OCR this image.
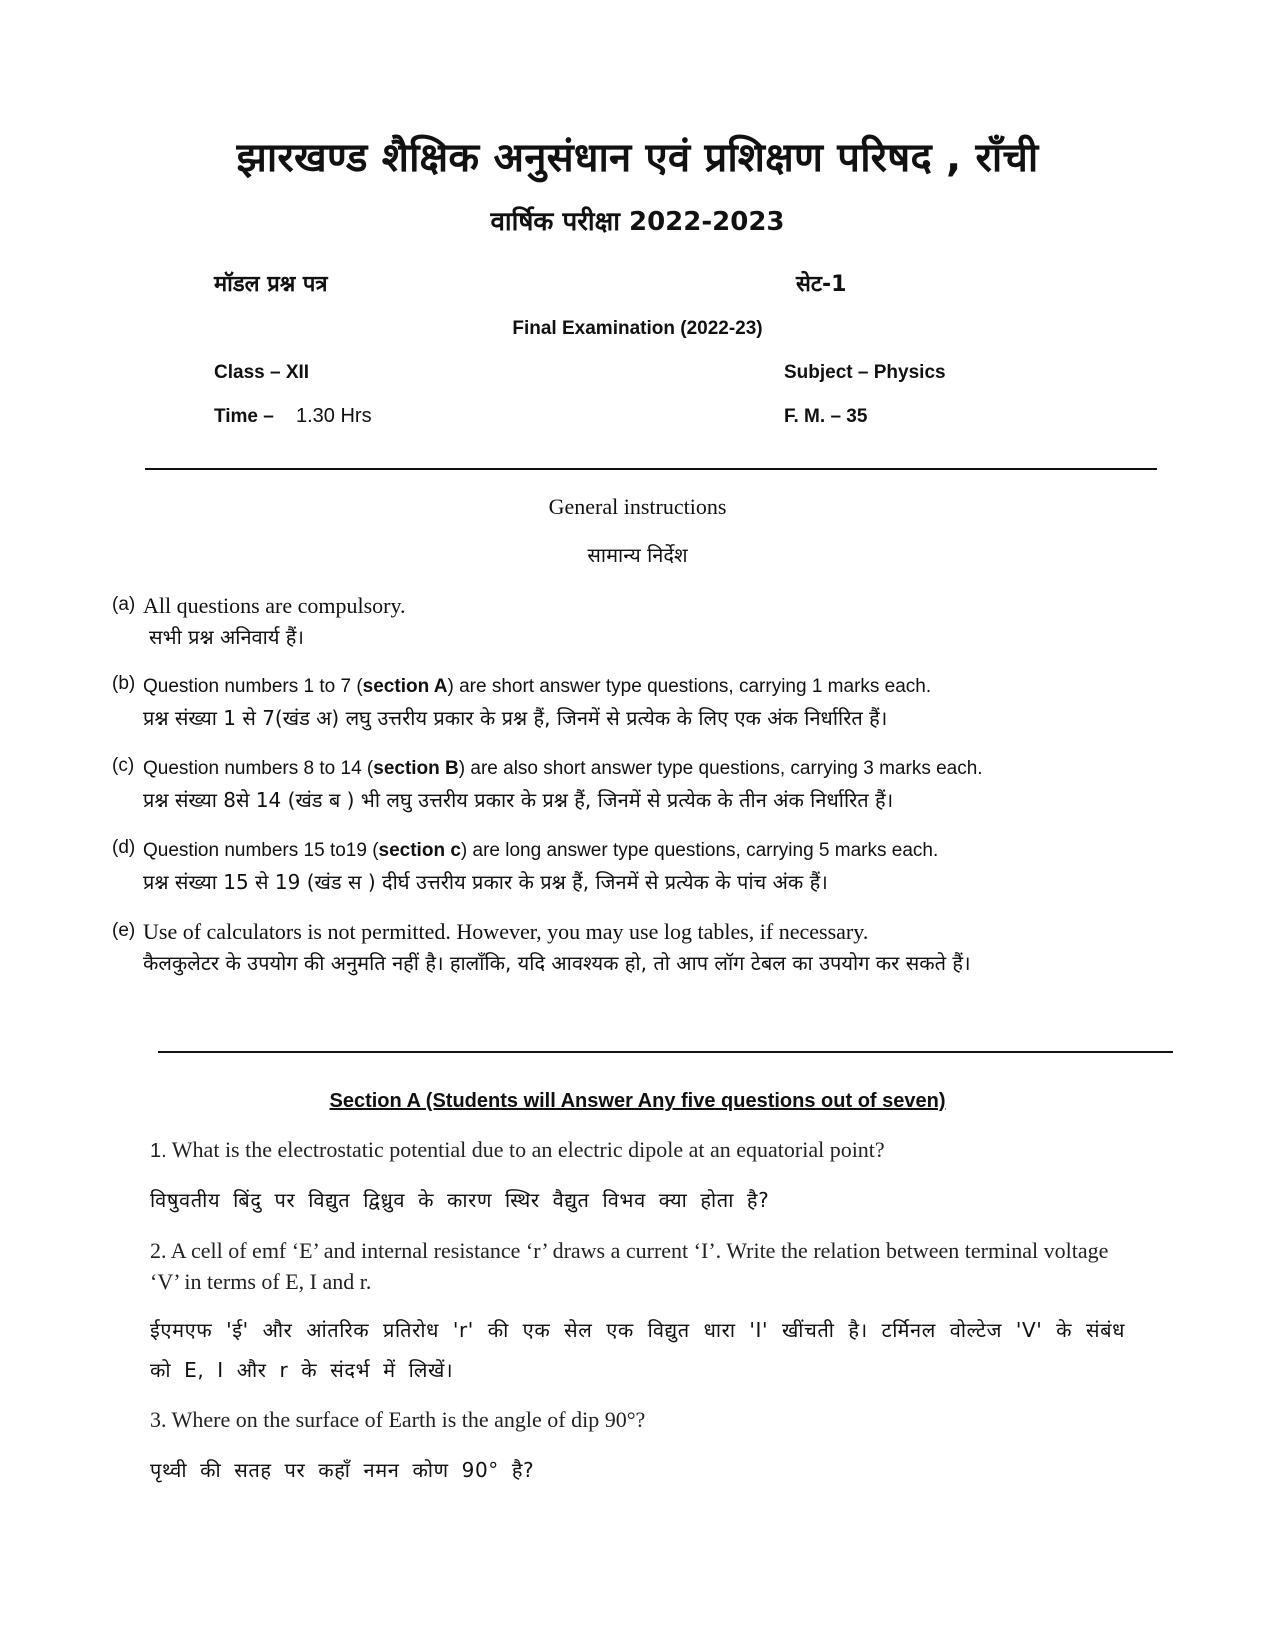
झारखण्ड शैक्षिक अनुसंधान एवं प्रशिक्षण परिषद , राँची
वार्षिक परीक्षा 2022-2023
मॉडल प्रश्न पत्र	सेट-1
Final Examination (2022-23)
Class – XII	Subject – Physics
Time – 1.30 Hrs	F. M. – 35
General instructions
सामान्य निर्देश
(a) All questions are compulsory.
सभी प्रश्न अनिवार्य हैं।
(b) Question numbers 1 to 7 (section A) are short answer type questions, carrying 1 marks each.
प्रश्न संख्या 1 से 7(खंड अ) लघु उत्तरीय प्रकार के प्रश्न हैं, जिनमें से प्रत्येक के लिए एक अंक निर्धारित हैं।
(c) Question numbers 8 to 14 (section B) are also short answer type questions, carrying 3 marks each.
प्रश्न संख्या 8से 14 (खंड ब ) भी लघु उत्तरीय प्रकार के प्रश्न हैं, जिनमें से प्रत्येक के तीन अंक निर्धारित हैं।
(d) Question numbers 15 to19 (section c) are long answer type questions, carrying 5 marks each.
प्रश्न संख्या 15 से 19 (खंड स ) दीर्घ उत्तरीय प्रकार के प्रश्न हैं, जिनमें से प्रत्येक के पांच अंक हैं।
(e) Use of calculators is not permitted. However, you may use log tables, if necessary.
कैलकुलेटर के उपयोग की अनुमति नहीं है। हालाँकि, यदि आवश्यक हो, तो आप लॉग टेबल का उपयोग कर सकते हैं।
Section A (Students will Answer Any five questions out of seven)
1. What is the electrostatic potential due to an electric dipole at an equatorial point?
विषुवतीय बिंदु पर विद्युत द्विध्रुव के कारण स्थिर वैद्युत विभव क्या होता है?
2. A cell of emf ‘E’ and internal resistance ‘r’ draws a current ‘I’. Write the relation between terminal voltage ‘V’ in terms of E, I and r.
ईएमएफ 'ई' और आंतरिक प्रतिरोध 'r' की एक सेल एक विद्युत धारा 'I' खींचती है। टर्मिनल वोल्टेज 'V' के संबंध को E, I और r के संदर्भ में लिखें।
3. Where on the surface of Earth is the angle of dip 90°?
पृथ्वी की सतह पर कहाँ नमन कोण 90° है?
